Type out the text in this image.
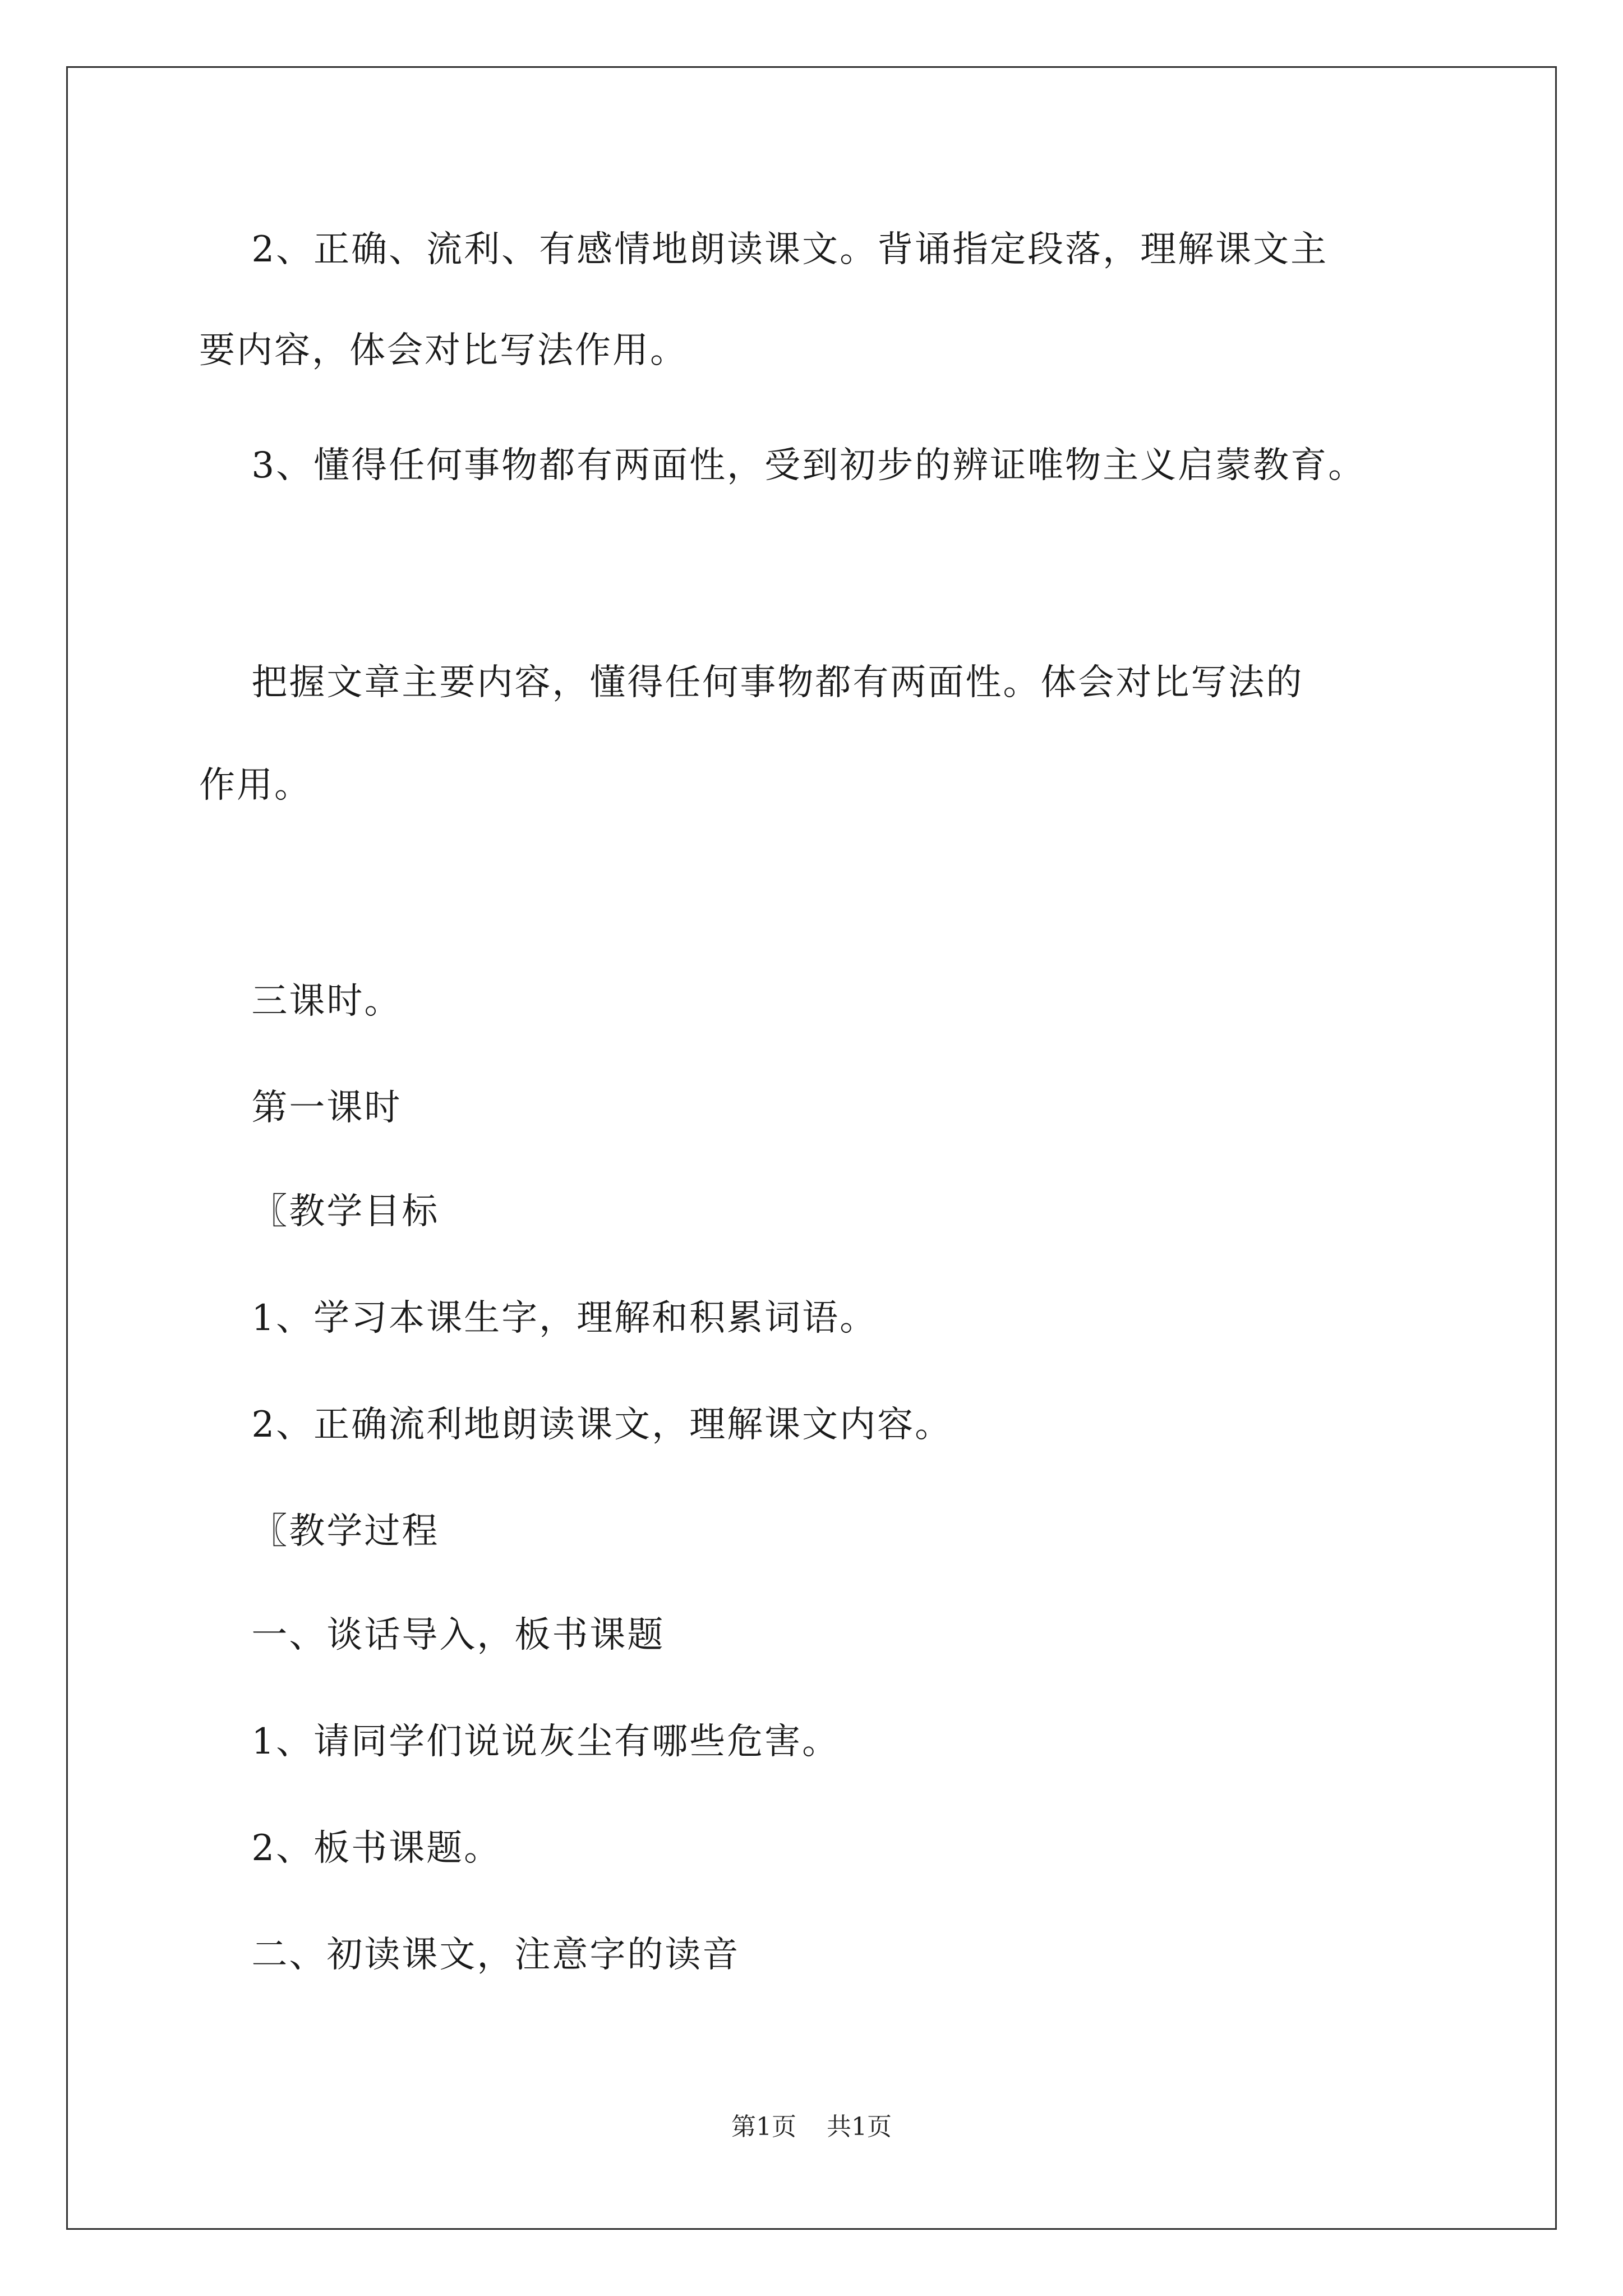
2、正确、流利、有感情地朗读课文。背诵指定段落，理解课文主

要内容，体会对比写法作用。

3、懂得任何事物都有两面性，受到初步的辨证唯物主义启蒙教育。

把握文章主要内容，懂得任何事物都有两面性。体会对比写法的

作用。

三课时。

第一课时

〖教学目标

1、学习本课生字，理解和积累词语。

2、正确流利地朗读课文，理解课文内容。

〖教学过程

一、谈话导入，板书课题

1、请同学们说说灰尘有哪些危害。

2、板书课题。

二、初读课文，注意字的读音

第1页 共1页
